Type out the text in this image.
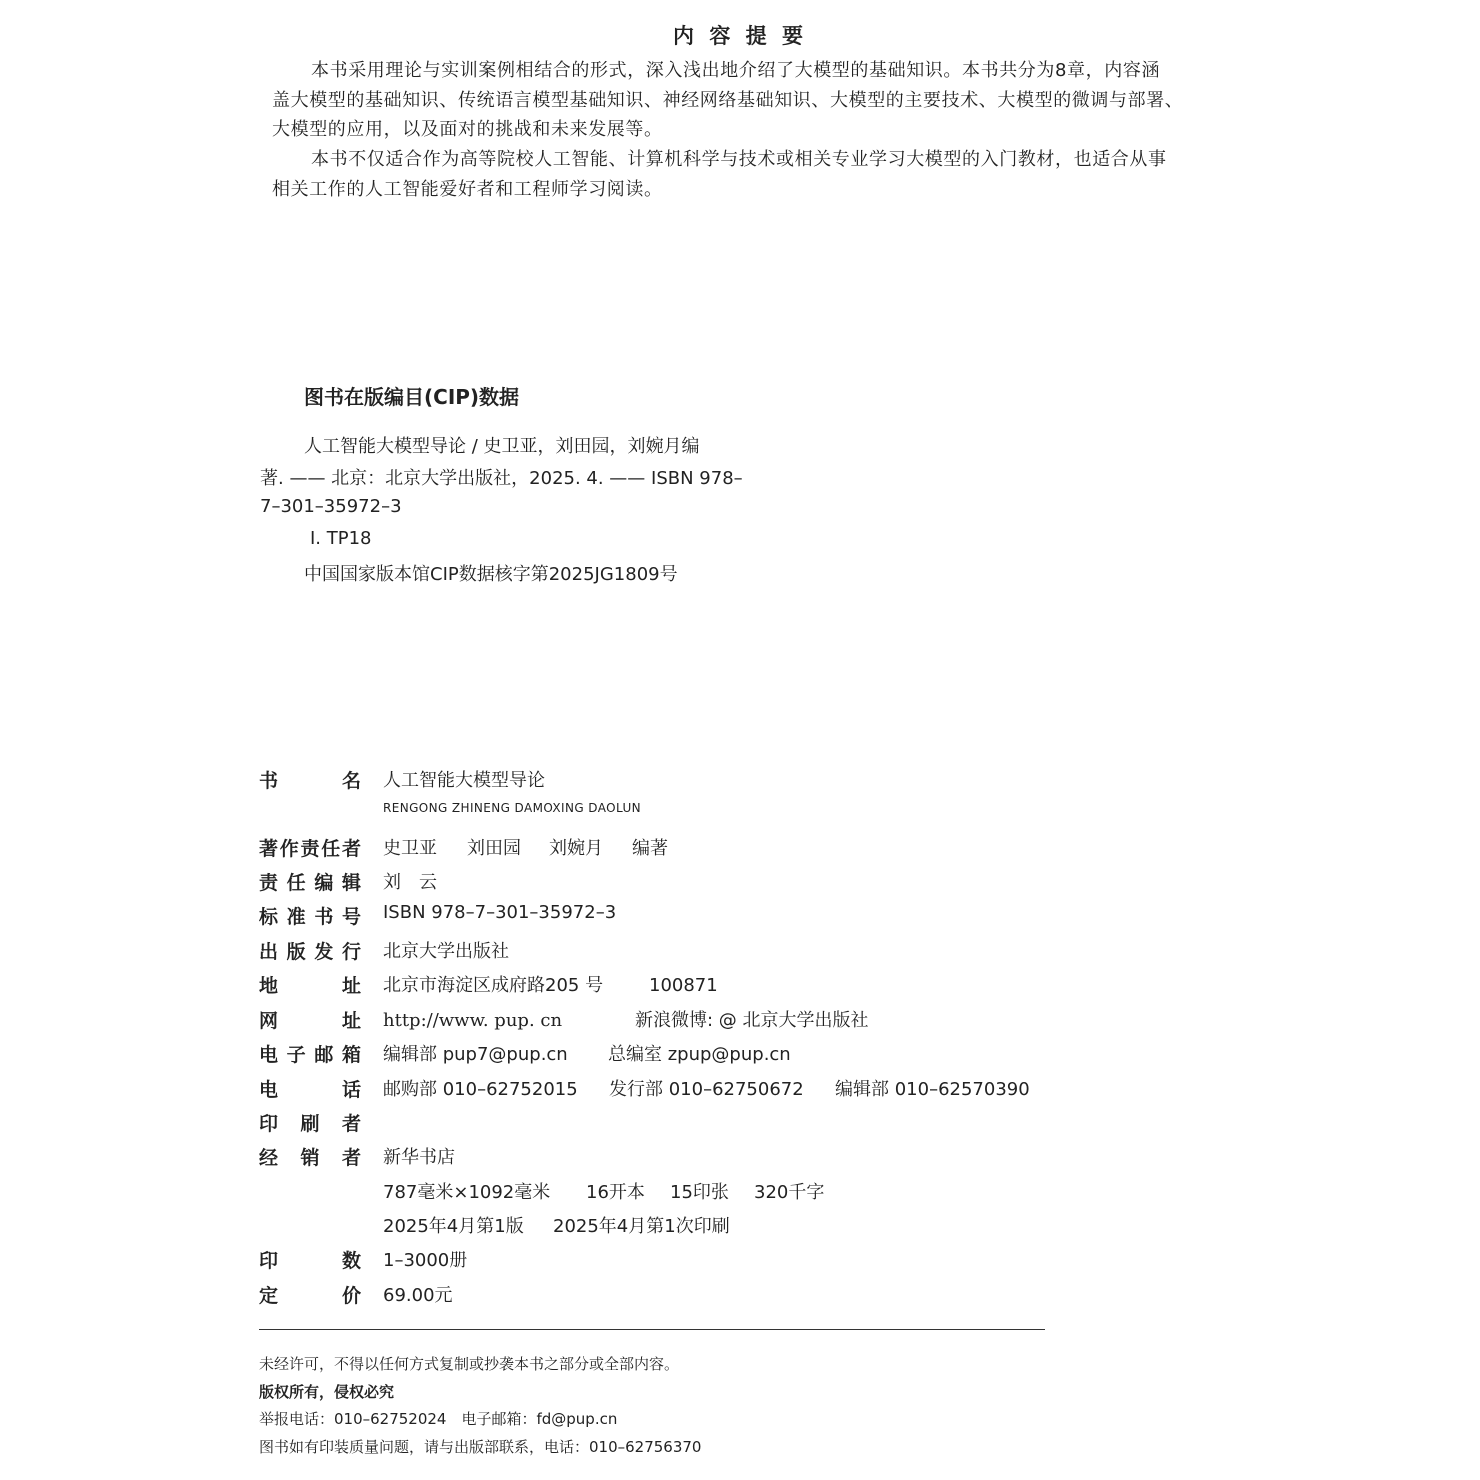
内 容 提 要
本书采用理论与实训案例相结合的形式，深入浅出地介绍了大模型的基础知识。本书共分为8章，内容涵
盖大模型的基础知识、传统语言模型基础知识、神经网络基础知识、大模型的主要技术、大模型的微调与部署、
大模型的应用，以及面对的挑战和未来发展等。
本书不仅适合作为高等院校人工智能、计算机科学与技术或相关专业学习大模型的入门教材，也适合从事
相关工作的人工智能爱好者和工程师学习阅读。
图书在版编目(CIP)数据
人工智能大模型导论 / 史卫亚，刘田园，刘婉月编
著. —— 北京：北京大学出版社，2025. 4. —— ISBN 978–
7–301–35972–3
Ⅰ. TP18
中国国家版本馆CIP数据核字第2025JG1809号
书	名 人工智能大模型导论
RENGONG ZHINENG DAMOXING DAOLUN
著 作 责 任 者 史卫亚 刘田园 刘婉月 编著
责 任 编 辑 刘　云
标 准 书 号 ISBN 978–7–301–35972–3
出 版 发 行 北京大学出版社
地	址 北京市海淀区成府路205 号	100871
网	址 http://www. pup. cn	新浪微博: @ 北京大学出版社
电 子 邮 箱 编辑部 pup7@pup.cn 总编室 zpup@pup.cn
电	话 邮购部 010–62752015 发行部 010–62750672 编辑部 010–62570390
印 刷 者
经 销 者 新华书店
787毫米×1092毫米 16开本 15印张 320千字
2025年4月第1版 2025年4月第1次印刷
印	数 1–3000册
定	价 69.00元
未经许可，不得以任何方式复制或抄袭本书之部分或全部内容。
版权所有，侵权必究
举报电话：010–62752024　电子邮箱：fd@pup.cn
图书如有印装质量问题，请与出版部联系，电话：010–62756370
